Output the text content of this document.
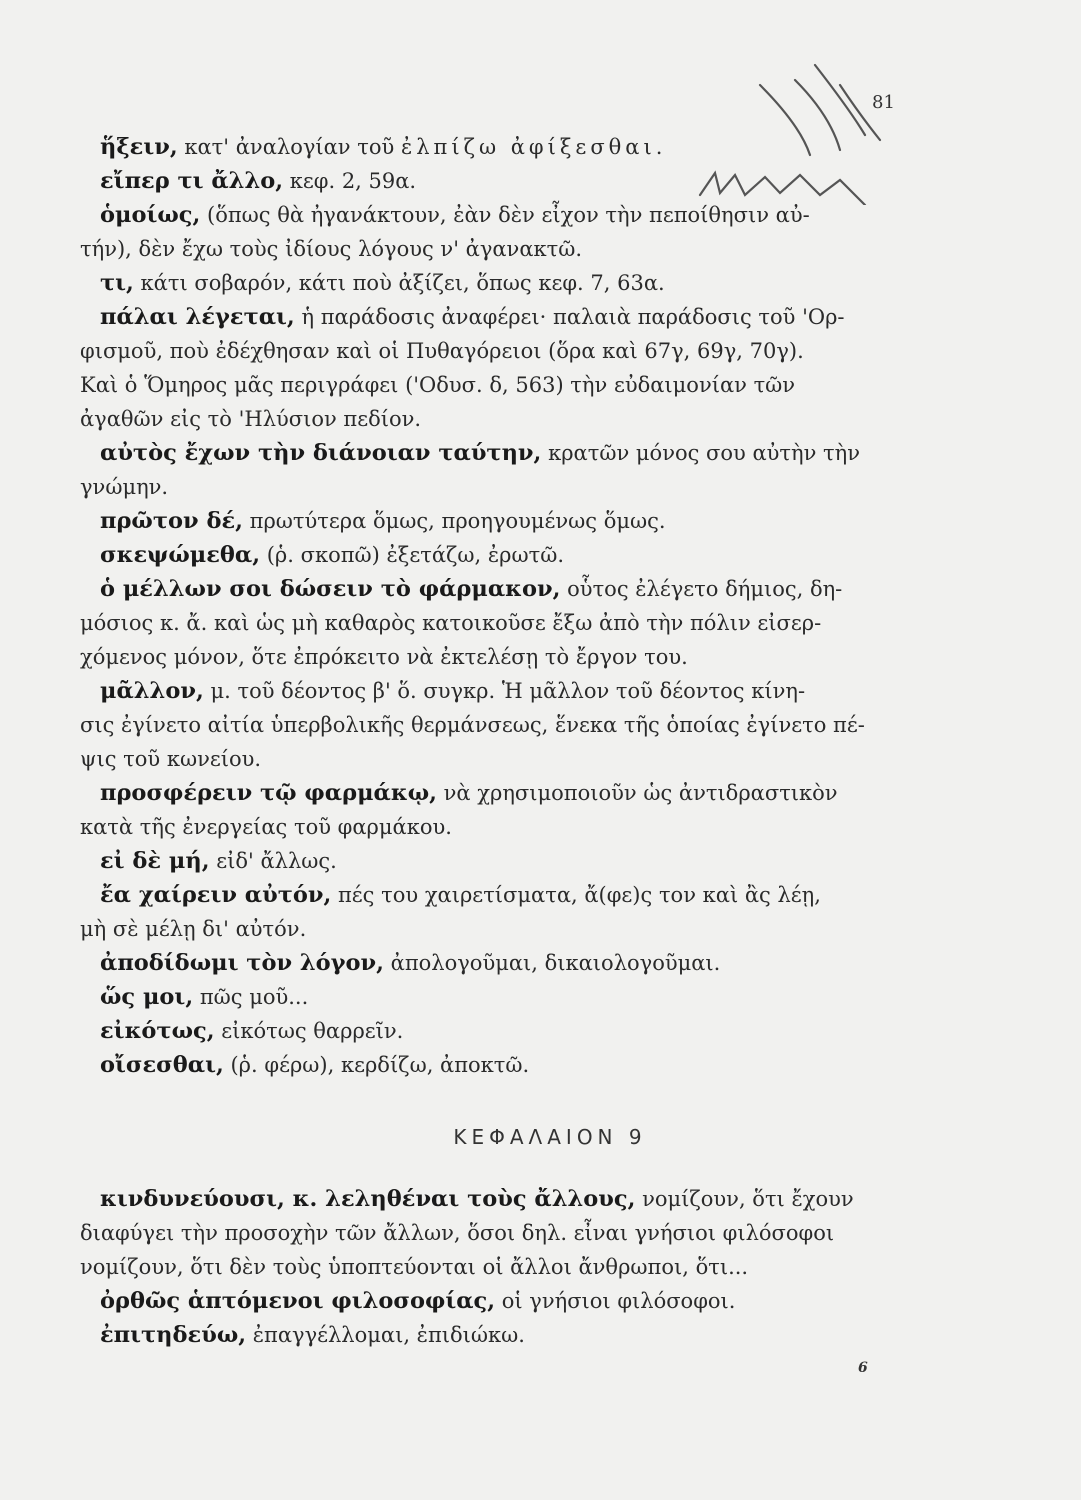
81
ἥξειν, κατ' ἀναλογίαν τοῦ ἐλπίζω ἀφίξεσθαι.
εἴπερ τι ἄλλο, κεφ. 2, 59α.
ὁμοίως, (ὅπως θὰ ἠγανάκτουν, ἐὰν δὲν εἶχον τὴν πεποίθησιν αὐ-
τήν), δὲν ἔχω τοὺς ἰδίους λόγους ν' ἀγανακτῶ.
τι, κάτι σοβαρόν, κάτι ποὺ ἀξίζει, ὅπως κεφ. 7, 63α.
πάλαι λέγεται, ἡ παράδοσις ἀναφέρει· παλαιὰ παράδοσις τοῦ 'Ορ-
φισμοῦ, ποὺ ἐδέχθησαν καὶ οἱ Πυθαγόρειοι (ὅρα καὶ 67γ, 69γ, 70γ).
Καὶ ὁ Ὅμηρος μᾶς περιγράφει ('Οδυσ. δ, 563) τὴν εὐδαιμονίαν τῶν
ἀγαθῶν εἰς τὸ 'Ηλύσιον πεδίον.
αὐτὸς ἔχων τὴν διάνοιαν ταύτην, κρατῶν μόνος σου αὐτὴν τὴν
γνώμην.
πρῶτον δέ, πρωτύτερα ὅμως, προηγουμένως ὅμως.
σκεψώμεθα, (ῥ. σκοπῶ) ἐξετάζω, ἐρωτῶ.
ὁ μέλλων σοι δώσειν τὸ φάρμακον, οὗτος ἐλέγετο δήμιος, δη-
μόσιος κ. ἄ. καὶ ὡς μὴ καθαρὸς κατοικοῦσε ἔξω ἀπὸ τὴν πόλιν εἰσερ-
χόμενος μόνον, ὅτε ἐπρόκειτο νὰ ἐκτελέσῃ τὸ ἔργον του.
μᾶλλον, μ. τοῦ δέοντος β' ὅ. συγκρ. Ἡ μᾶλλον τοῦ δέοντος κίνη-
σις ἐγίνετο αἰτία ὑπερβολικῆς θερμάνσεως, ἕνεκα τῆς ὁποίας ἐγίνετο πέ-
ψις τοῦ κωνείου.
προσφέρειν τῷ φαρμάκῳ, νὰ χρησιμοποιοῦν ὡς ἀντιδραστικὸν
κατὰ τῆς ἐνεργείας τοῦ φαρμάκου.
εἰ δὲ μή, εἰδ' ἄλλως.
ἔα χαίρειν αὐτόν, πές του χαιρετίσματα, ἄ(φε)ς τον καὶ ἂς λέῃ,
μὴ σὲ μέλῃ δι' αὐτόν.
ἀποδίδωμι τὸν λόγον, ἀπολογοῦμαι, δικαιολογοῦμαι.
ὥς μοι, πῶς μοῦ...
εἰκότως, εἰκότως θαρρεῖν.
οἴσεσθαι, (ῥ. φέρω), κερδίζω, ἀποκτῶ.
ΚΕΦΑΛΑΙΟΝ 9
κινδυνεύουσι, κ. λεληθέναι τοὺς ἄλλους, νομίζουν, ὅτι ἔχουν
διαφύγει τὴν προσοχὴν τῶν ἄλλων, ὅσοι δηλ. εἶναι γνήσιοι φιλόσοφοι
νομίζουν, ὅτι δὲν τοὺς ὑποπτεύονται οἱ ἄλλοι ἄνθρωποι, ὅτι...
ὀρθῶς ἁπτόμενοι φιλοσοφίας, οἱ γνήσιοι φιλόσοφοι.
ἐπιτηδεύω, ἐπαγγέλλομαι, ἐπιδιώκω.
6
